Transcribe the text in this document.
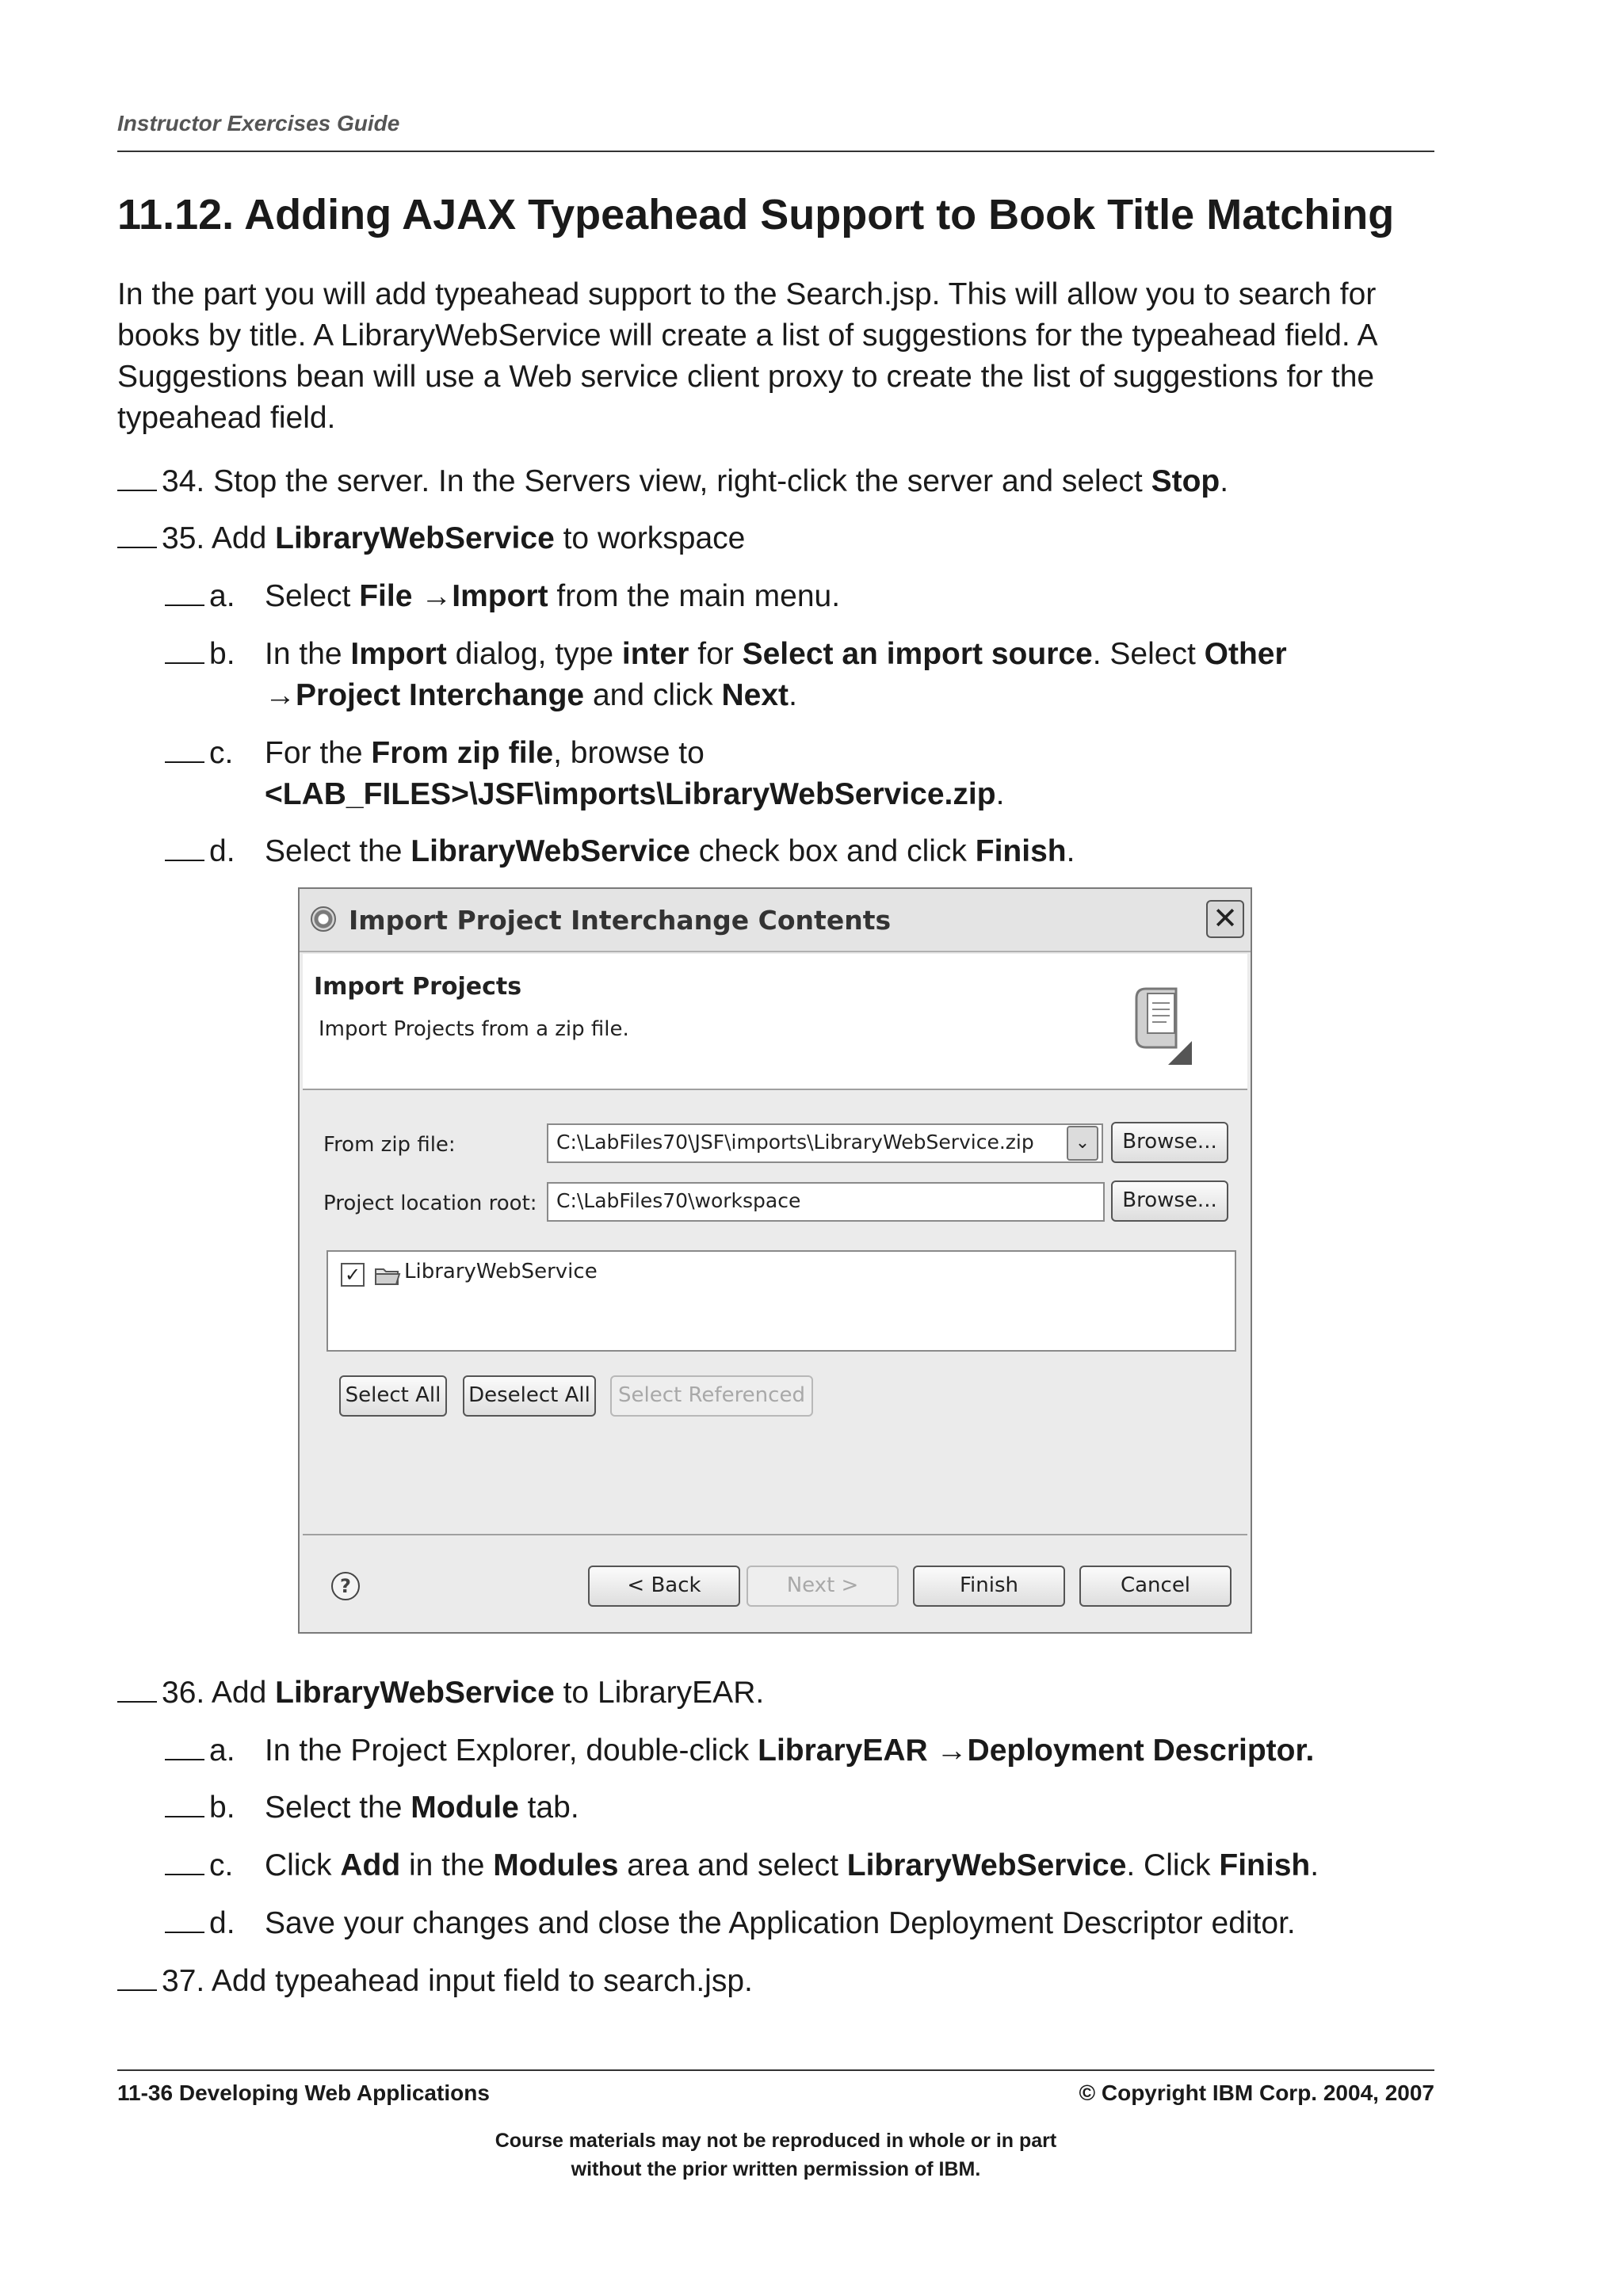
Instructor Exercises Guide
11.12. Adding AJAX Typeahead Support to Book Title Matching

In the part you will add typeahead support to the Search.jsp. This will allow you to search for books by title. A LibraryWebService will create a list of suggestions for the typeahead field. A Suggestions bean will use a Web service client proxy to create the list of suggestions for the typeahead field.

34. Stop the server. In the Servers view, right-click the server and select Stop.
35. Add LibraryWebService to workspace
a. Select File →Import from the main menu.
b. In the Import dialog, type inter for Select an import source. Select Other
→Project Interchange and click Next.
c. For the From zip file, browse to
<LAB_FILES>\JSF\imports\LibraryWebService.zip.
d. Select the LibraryWebService check box and click Finish.
Import Project Interchange Contents	✕
Import Projects
Import Projects from a zip file.
From zip file:	C:\LabFiles70\JSF\imports\LibraryWebService.zip	⌄	Browse...
Project location root: C:\LabFiles70\workspace	Browse...
✓ LibraryWebService
Select All Deselect All	Select Referenced
?	< Back	Next >	Finish	Cancel
36. Add LibraryWebService to LibraryEAR.
a. In the Project Explorer, double-click LibraryEAR →Deployment Descriptor.
b. Select the Module tab.
c. Click Add in the Modules area and select LibraryWebService. Click Finish.
d. Save your changes and close the Application Deployment Descriptor editor.
37. Add typeahead input field to search.jsp.
11-36 Developing Web Applications	© Copyright IBM Corp. 2004, 2007
Course materials may not be reproduced in whole or in part
without the prior written permission of IBM.
